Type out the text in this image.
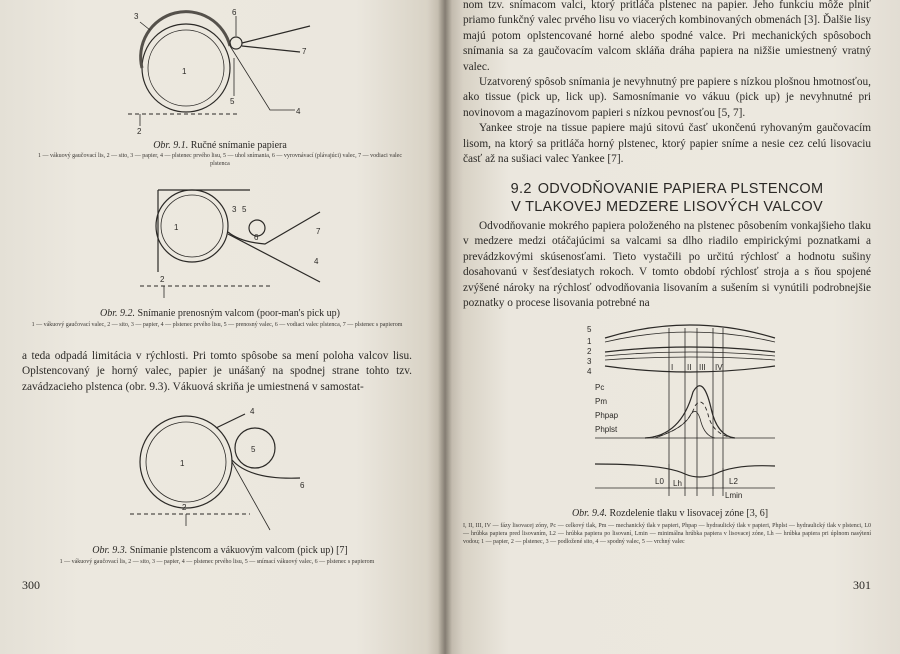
3	6
7
1
5
4
2
Obr. 9.1. Ručné snímanie papiera
1 — vákuový gaučovací lis, 2 — sito, 3 — papier, 4 — plstenec prvého lisu, 5 — uhol snímania, 6 — vyrovnávací (plávajúci) valec, 7 — vodiaci valec plstenca
1
3 5
6
7
4
2
Obr. 9.2. Snímanie prenosným valcom (poor-man's pick up)
1 — vákuový gaučovací valec, 2 — sito, 3 — papier, 4 — plstenec prvého lisu, 5 — prenosný valec, 6 — vodiaci valec plstenca, 7 — plstenec s papierom

a teda odpadá limitácia v rýchlosti. Pri tomto spôsobe sa mení poloha valcov lisu. Oplstencovaný je horný valec, papier je unášaný na spodnej strane tohto tzv. zavádzacieho plstenca (obr. 9.3). Vákuová skriňa je umiestnená v samostat-

1
4
5
6
2
Obr. 9.3. Snímanie plstencom a vákuovým valcom (pick up) [7]
1 — vákuový gaučovací lis, 2 — sito, 3 — papier, 4 — plstenec prvého lisu, 5 — snímací vákuový valec, 6 — plstenec s papierom
300

nom tzv. snímacom valci, ktorý pritláča plstenec na papier. Jeho funkciu môže plniť priamo funkčný valec prvého lisu vo viacerých kombinovaných obmenách [3]. Ďalšie lisy majú potom oplstencované horné alebo spodné valce. Pri mechanických spôsoboch snímania sa za gaučovacím valcom skláňa dráha papiera na nižšie umiestnený vratný valec.

Uzatvorený spôsob snímania je nevyhnutný pre papiere s nízkou plošnou hmotnosťou, ako tissue (pick up, lick up). Samosnímanie vo vákuu (pick up) je nevyhnutné pri novinovom a magazínovom papieri s nízkou pevnosťou [5, 7].

Yankee stroje na tissue papiere majú sitovú časť ukončenú ryhovaným gaučovacím lisom, na ktorý sa pritláča horný plstenec, ktorý papier sníme a nesie cez celú lisovaciu časť až na sušiaci valec Yankee [7].

9.2 ODVODŇOVANIE PAPIERA PLSTENCOM
V TLAKOVEJ MEDZERE LISOVÝCH VALCOV

Odvodňovanie mokrého papiera položeného na plstenec pôsobením vonkajšieho tlaku v medzere medzi otáčajúcimi sa valcami sa dlho riadilo empirickými poznatkami a prevádzkovými skúsenosťami. Tieto vystačili po určitú rýchlosť a hodnotu sušiny dosahovanú v šesťdesiatych rokoch. V tomto období rýchlosť stroja a s ňou spojené zvýšené nároky na rýchlosť odvodňovania lisovaním a sušením si vynútili podrobnejšie poznatky o procese lisovania potrebné na

I II III IV
5
1
2
3
4
Pc
Pm
Phpap
Phplst
L0 Lh	L2
Lmin
Obr. 9.4. Rozdelenie tlaku v lisovacej zóne [3, 6]
I, II, III, IV — fázy lisovacej zóny, Pc — celkový tlak, Pm — mechanický tlak v papieri, Phpap — hydraulický tlak v papieri, Phplst — hydraulický tlak v plstenci, L0 — hrúbka papiera pred lisovaním, L2 — hrúbka papiera po lisovaní, Lmin — minimálna hrúbka papiera v lisovacej zóne, Lh — hrúbka papiera pri úplnom nasýtení vodou; 1 — papier, 2 — plstenec, 3 — podložené sito, 4 — spodný valec, 5 — vrchný valec
301
